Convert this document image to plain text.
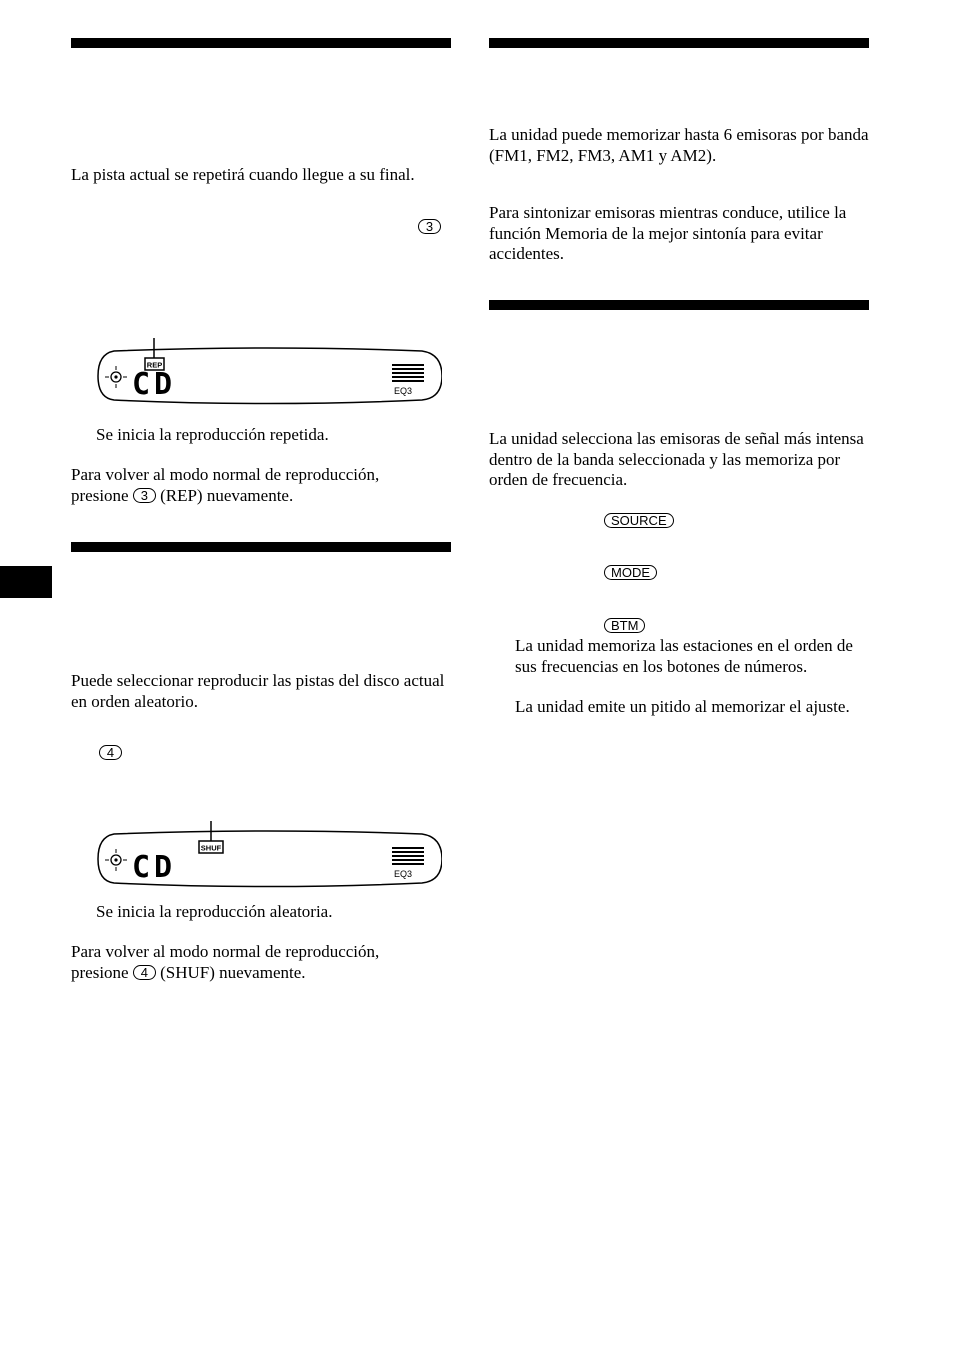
La pista actual se repetirá cuando llegue a su final.

3
REP
CD	EQ3

Se inicia la reproducción repetida.

Para volver al modo normal de reproducción, presione 3 (REP) nuevamente.

Puede seleccionar reproducir las pistas del disco actual en orden aleatorio.

4
SHUF
CD	EQ3

Se inicia la reproducción aleatoria.

Para volver al modo normal de reproducción, presione 4 (SHUF) nuevamente.

La unidad puede memorizar hasta 6 emisoras por banda (FM1, FM2, FM3, AM1 y AM2).

Para sintonizar emisoras mientras conduce, utilice la función Memoria de la mejor sintonía para evitar accidentes.

La unidad selecciona las emisoras de señal más intensa dentro de la banda seleccionada y las memoriza por orden de frecuencia.

SOURCE
MODE
BTM

La unidad memoriza las estaciones en el orden de sus frecuencias en los botones de números.

La unidad emite un pitido al memorizar el ajuste.
